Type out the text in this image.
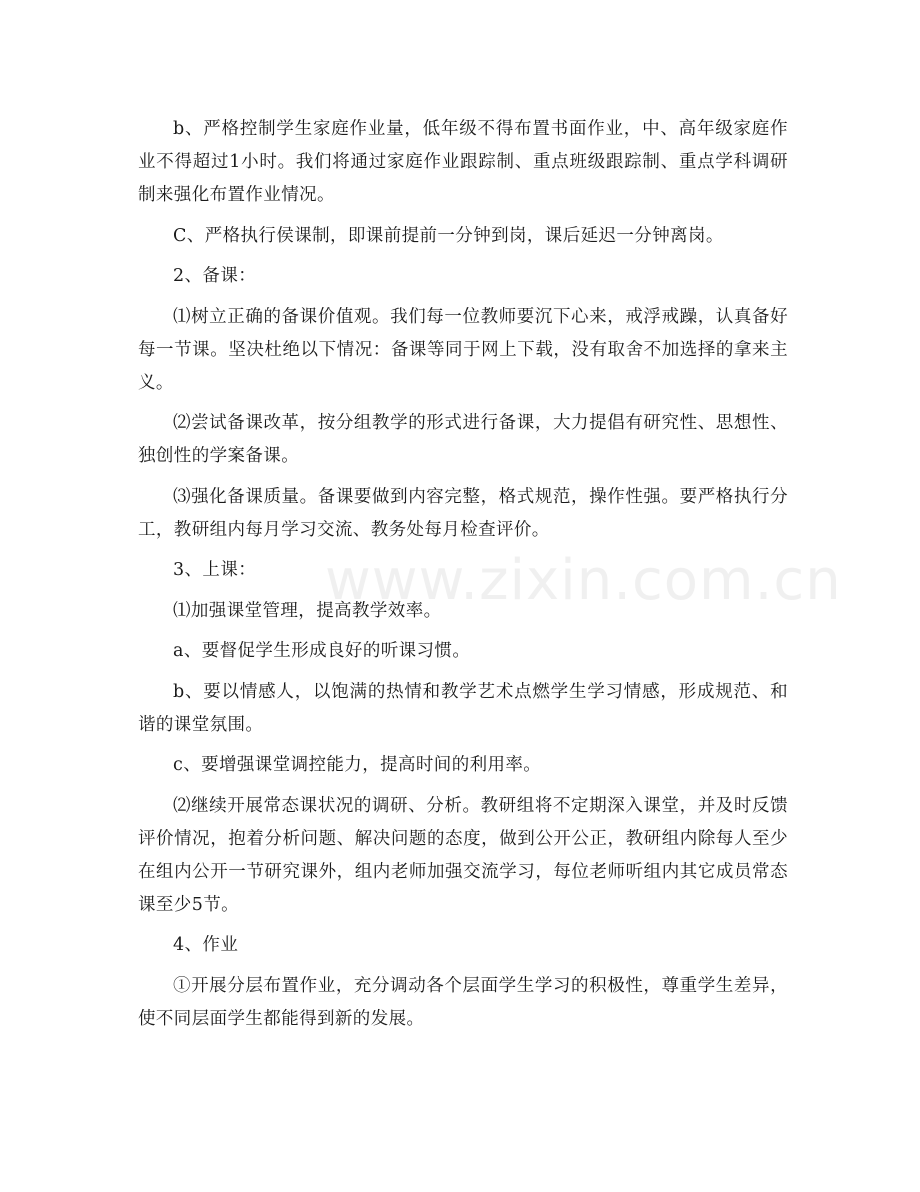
b、严格控制学生家庭作业量，低年级不得布置书面作业，中、高年级家庭作业不得超过1小时。我们将通过家庭作业跟踪制、重点班级跟踪制、重点学科调研制来强化布置作业情况。

C、严格执行侯课制，即课前提前一分钟到岗，课后延迟一分钟离岗。

2、备课：

⑴树立正确的备课价值观。我们每一位教师要沉下心来，戒浮戒躁，认真备好每一节课。坚决杜绝以下情况：备课等同于网上下载，没有取舍不加选择的拿来主义。

⑵尝试备课改革，按分组教学的形式进行备课，大力提倡有研究性、思想性、独创性的学案备课。

⑶强化备课质量。备课要做到内容完整，格式规范，操作性强。要严格执行分工，教研组内每月学习交流、教务处每月检查评价。

3、上课：

⑴加强课堂管理，提高教学效率。

a、要督促学生形成良好的听课习惯。

b、要以情感人，以饱满的热情和教学艺术点燃学生学习情感，形成规范、和谐的课堂氛围。

c、要增强课堂调控能力，提高时间的利用率。

⑵继续开展常态课状况的调研、分析。教研组将不定期深入课堂，并及时反馈评价情况，抱着分析问题、解决问题的态度，做到公开公正，教研组内除每人至少在组内公开一节研究课外，组内老师加强交流学习，每位老师听组内其它成员常态课至少5节。

4、作业

①开展分层布置作业，充分调动各个层面学生学习的积极性，尊重学生差异，使不同层面学生都能得到新的发展。

www.zixin.com.cn
